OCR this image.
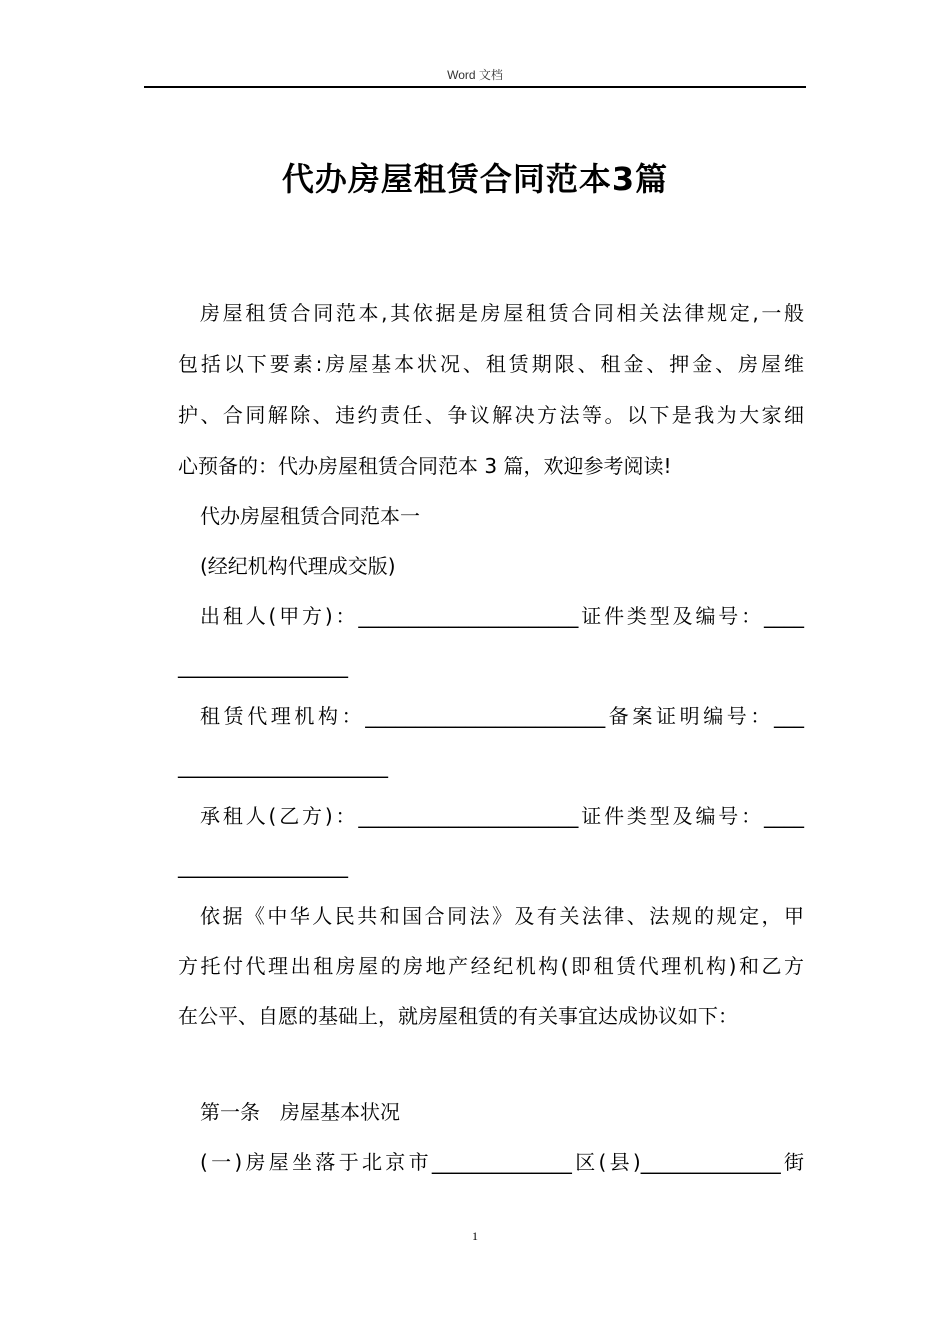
Word 文档
代办房屋租赁合同范本3篇
房屋租赁合同范本,其依据是房屋租赁合同相关法律规定,一般
包括以下要素:房屋基本状况、租赁期限、租金、押金、房屋维
护、合同解除、违约责任、争议解决方法等。以下是我为大家细
心预备的：代办房屋租赁合同范本 3 篇，欢迎参考阅读!
代办房屋租赁合同范本一
(经纪机构代理成交版)
出租人(甲方)：______________________证件类型及编号：____
_________________
租赁代理机构：________________________备案证明编号：___
_____________________
承租人(乙方)：______________________证件类型及编号：____
_________________
依据《中华人民共和国合同法》及有关法律、法规的规定，甲
方托付代理出租房屋的房地产经纪机构(即租赁代理机构)和乙方
在公平、自愿的基础上，就房屋租赁的有关事宜达成协议如下：
第一条　房屋基本状况
(一)房屋坐落于北京市______________区(县)______________街
1
